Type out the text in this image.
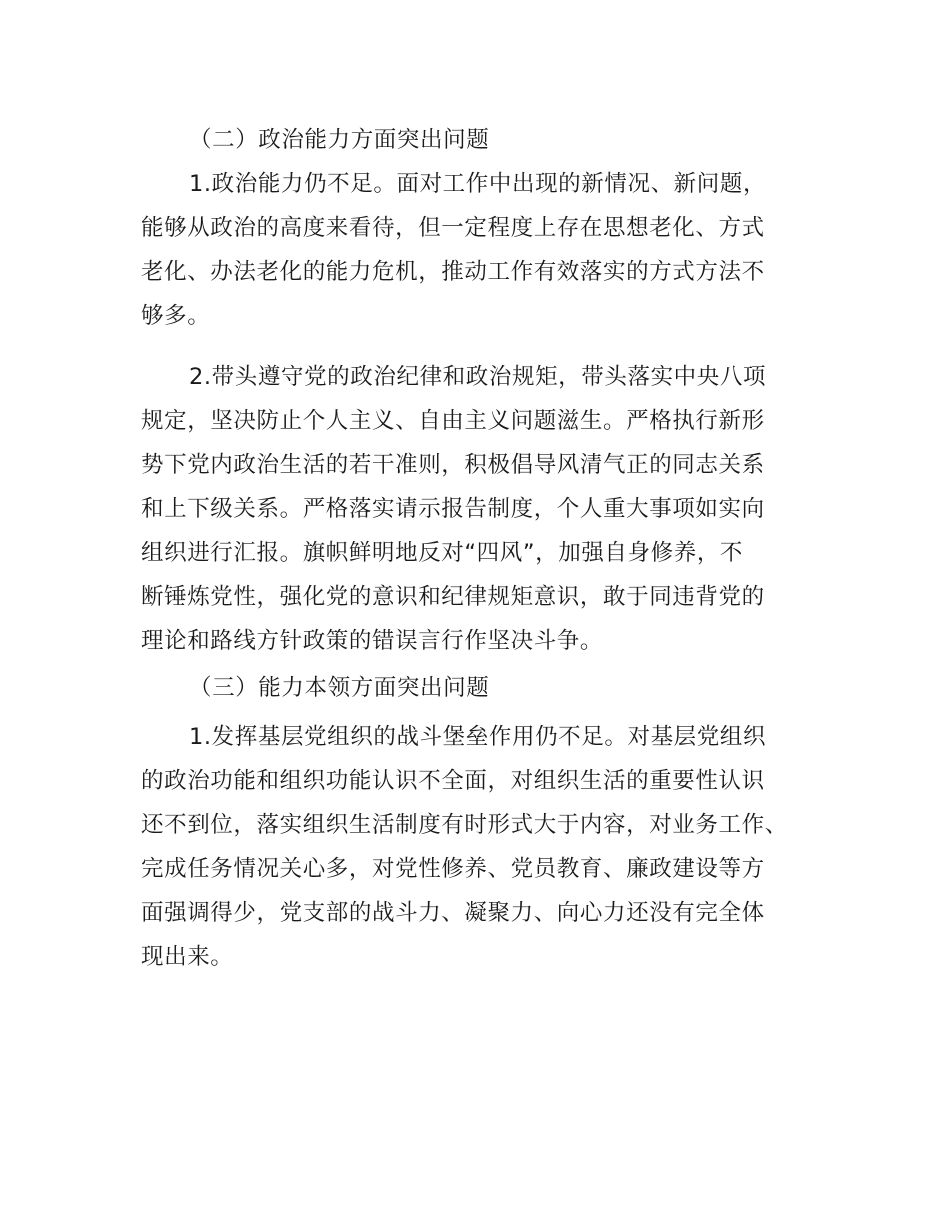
（二）政治能力方面突出问题
1.政治能力仍不足。面对工作中出现的新情况、新问题，
能够从政治的高度来看待，但一定程度上存在思想老化、方式
老化、办法老化的能力危机，推动工作有效落实的方式方法不
够多。
2.带头遵守党的政治纪律和政治规矩，带头落实中央八项
规定，坚决防止个人主义、自由主义问题滋生。严格执行新形
势下党内政治生活的若干准则，积极倡导风清气正的同志关系
和上下级关系。严格落实请示报告制度，个人重大事项如实向
组织进行汇报。旗帜鲜明地反对“四风”，加强自身修养，不
断锤炼党性，强化党的意识和纪律规矩意识，敢于同违背党的
理论和路线方针政策的错误言行作坚决斗争。
（三）能力本领方面突出问题
1.发挥基层党组织的战斗堡垒作用仍不足。对基层党组织
的政治功能和组织功能认识不全面，对组织生活的重要性认识
还不到位，落实组织生活制度有时形式大于内容，对业务工作、
完成任务情况关心多，对党性修养、党员教育、廉政建设等方
面强调得少，党支部的战斗力、凝聚力、向心力还没有完全体
现出来。
